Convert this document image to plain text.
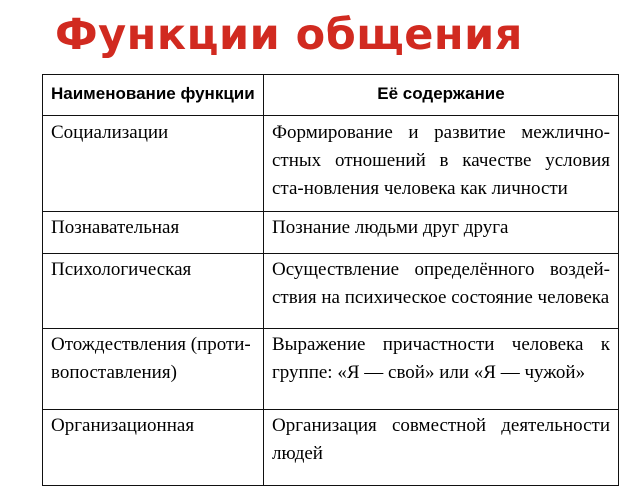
Функции общения
Наименование функции	Её содержание
Социализации	Формирование и развитие межлично-стных отношений в качестве условия ста-новления человека как личности
Познавательная	Познание людьми друг друга
Психологическая	Осуществление определённого воздей-ствия на психическое состояние человека
Отождествления (проти-вопоставления)	Выражение причастности человека к группе: «Я — свой» или «Я — чужой»
Организационная	Организация совместной деятельности людей
